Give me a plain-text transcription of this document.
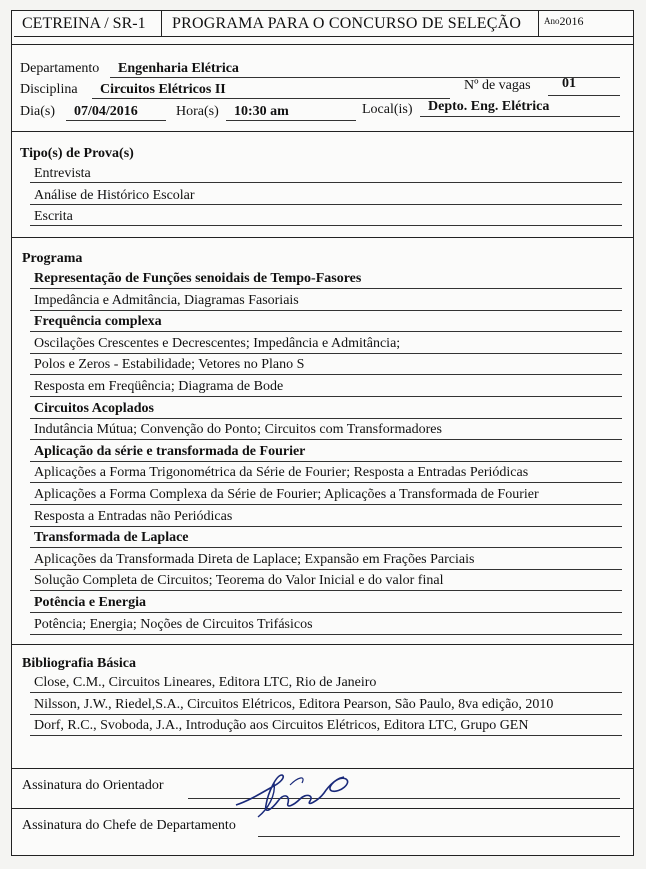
CETREINA / SR-1	PROGRAMA PARA O CONCURSO DE SELEÇÃO	Ano 2016
Departamento Engenharia Elétrica
Disciplina Circuitos Elétricos II	Nº de vagas 01
Dia(s) 07/04/2016	Hora(s) 10:30 am	Local(is) Depto. Eng. Elétrica
Tipo(s) de Prova(s)
Entrevista
Análise de Histórico Escolar
Escrita
Programa
Representação de Funções senoidais de Tempo-Fasores
Impedância e Admitância, Diagramas Fasoriais
Frequência complexa
Oscilações Crescentes e Decrescentes; Impedância e Admitância;
Polos e Zeros - Estabilidade; Vetores no Plano S
Resposta em Freqüência; Diagrama de Bode
Circuitos Acoplados
Indutância Mútua; Convenção do Ponto; Circuitos com Transformadores
Aplicação da série e transformada de Fourier
Aplicações a Forma Trigonométrica da Série de Fourier; Resposta a Entradas Periódicas
Aplicações a Forma Complexa da Série de Fourier; Aplicações a Transformada de Fourier
Resposta a Entradas não Periódicas
Transformada de Laplace
Aplicações da Transformada Direta de Laplace; Expansão em Frações Parciais
Solução Completa de Circuitos; Teorema do Valor Inicial e do valor final
Potência e Energia
Potência; Energia; Noções de Circuitos Trifásicos
Bibliografia Básica
Close, C.M., Circuitos Lineares, Editora LTC, Rio de Janeiro
Nilsson, J.W., Riedel,S.A., Circuitos Elétricos, Editora Pearson, São Paulo, 8va edição, 2010
Dorf, R.C., Svoboda, J.A., Introdução aos Circuitos Elétricos, Editora LTC, Grupo GEN
Assinatura do Orientador
Assinatura do Chefe de Departamento
